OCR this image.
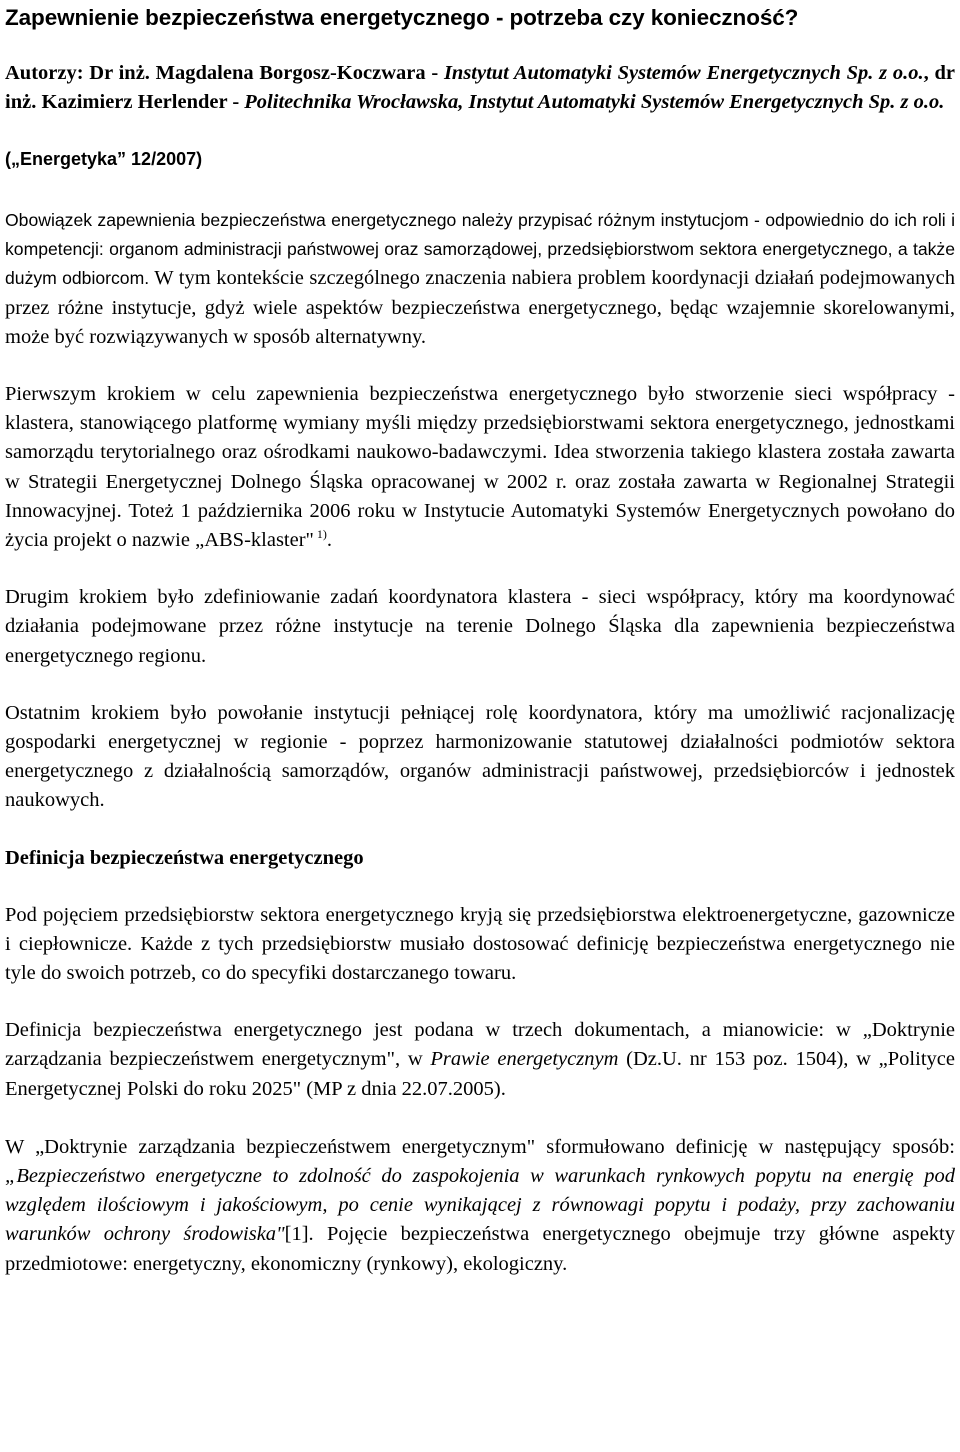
Zapewnienie bezpieczeństwa energetycznego - potrzeba czy konieczność?

Autorzy: Dr inż. Magdalena Borgosz-Koczwara - Instytut Automatyki Systemów Energetycznych Sp. z o.o., dr inż. Kazimierz Herlender - Politechnika Wrocławska, Instytut Automatyki Systemów Energetycznych Sp. z o.o.

(„Energetyka” 12/2007)

Obowiązek zapewnienia bezpieczeństwa energetycznego należy przypisać różnym instytucjom - odpowiednio do ich roli i kompetencji: organom administracji państwowej oraz samorządowej, przedsiębiorstwom sektora energetycznego, a także dużym odbiorcom. W tym kontekście szczególnego znaczenia nabiera problem koordynacji działań podejmowanych przez różne instytucje, gdyż wiele aspektów bezpieczeństwa energetycznego, będąc wzajemnie skorelowanymi, może być rozwiązywanych w sposób alternatywny.

Pierwszym krokiem w celu zapewnienia bezpieczeństwa energetycznego było stworzenie sieci współpracy - klastera, stanowiącego platformę wymiany myśli między przedsiębiorstwami sektora energetycznego, jednostkami samorządu terytorialnego oraz ośrodkami naukowo-badawczymi. Idea stworzenia takiego klastera została zawarta w Strategii Energetycznej Dolnego Śląska opracowanej w 2002 r. oraz została zawarta w Regionalnej Strategii Innowacyjnej. Toteż 1 października 2006 roku w Instytucie Automatyki Systemów Energetycznych powołano do życia projekt o nazwie „ABS-klaster" $^{1)}$.

Drugim krokiem było zdefiniowanie zadań koordynatora klastera - sieci współpracy, który ma koordynować działania podejmowane przez różne instytucje na terenie Dolnego Śląska dla zapewnienia bezpieczeństwa energetycznego regionu.

Ostatnim krokiem było powołanie instytucji pełniącej rolę koordynatora, który ma umożliwić racjonalizację gospodarki energetycznej w regionie - poprzez harmonizowanie statutowej działalności podmiotów sektora energetycznego z działalnością samorządów, organów administracji państwowej, przedsiębiorców i jednostek naukowych.

Definicja bezpieczeństwa energetycznego

Pod pojęciem przedsiębiorstw sektora energetycznego kryją się przedsiębiorstwa elektroenergetyczne, gazownicze i ciepłownicze. Każde z tych przedsiębiorstw musiało dostosować definicję bezpieczeństwa energetycznego nie tyle do swoich potrzeb, co do specyfiki dostarczanego towaru.

Definicja bezpieczeństwa energetycznego jest podana w trzech dokumentach, a mianowicie: w „Doktrynie zarządzania bezpieczeństwem energetycznym", w Prawie energetycznym (Dz.U. nr 153 poz. 1504), w „Polityce Energetycznej Polski do roku 2025" (MP z dnia 22.07.2005).

W „Doktrynie zarządzania bezpieczeństwem energetycznym" sformułowano definicję w następujący sposób: „Bezpieczeństwo energetyczne to zdolność do zaspokojenia w warunkach rynkowych popytu na energię pod względem ilościowym i jakościowym, po cenie wynikającej z równowagi popytu i podaży, przy zachowaniu warunków ochrony środowiska"[1]. Pojęcie bezpieczeństwa energetycznego obejmuje trzy główne aspekty przedmiotowe: energetyczny, ekonomiczny (rynkowy), ekologiczny.
